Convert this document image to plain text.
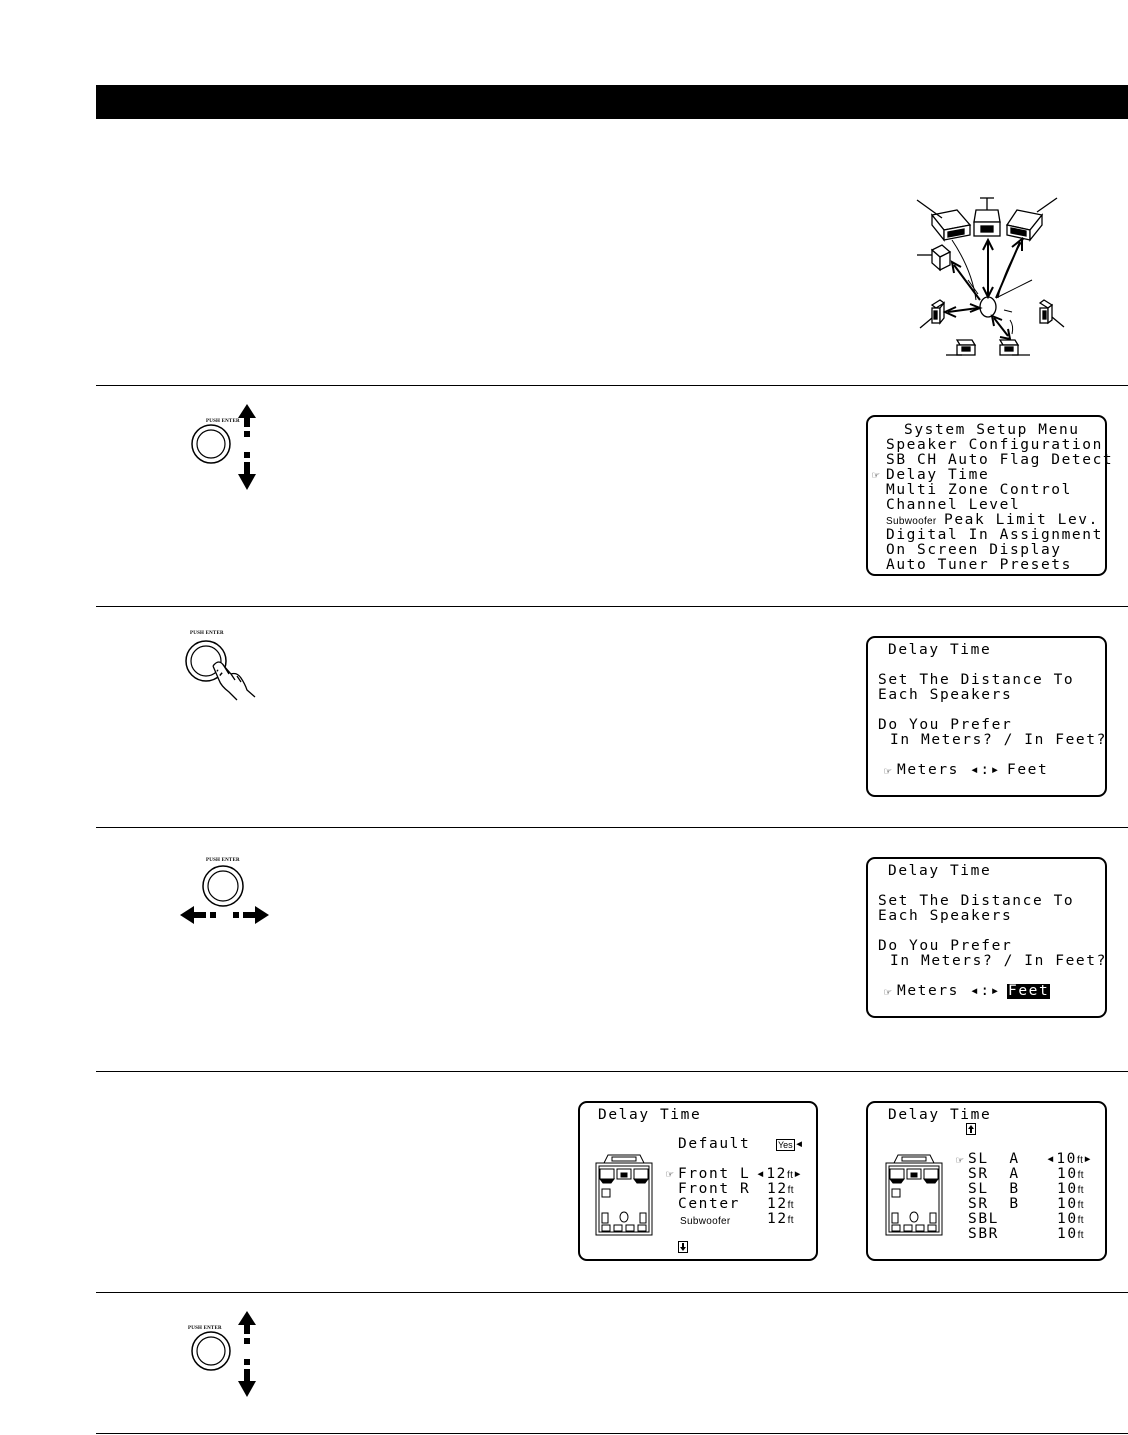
PUSH ENTER
System Setup Menu
Speaker Configuration
SB CH Auto Flag Detect
☞ Delay Time
Multi Zone Control
Channel Level
Subwoofer Peak Limit Lev.
Digital In Assignment
On Screen Display
Auto Tuner Presets
PUSH ENTER
Delay Time
Set The Distance To
Each Speakers
Do You Prefer
In Meters? / In Feet?
☞ Meters ◂:▸ Feet
PUSH ENTER
Delay Time
Set The Distance To
Each Speakers
Do You Prefer
In Meters? / In Feet?
☞ Meters ◂:▸ Feet
Delay Time
Default	Yes ◂
☞ Front L ◂12ft▸
Front R 12ft
Center 12ft
Subwoofer	12ft
Delay Time
☞ SL  A ◂10ft▸
SR  A	10ft
SL  B	10ft
SR  B	10ft
SBL	10ft
SBR	10ft
PUSH ENTER
